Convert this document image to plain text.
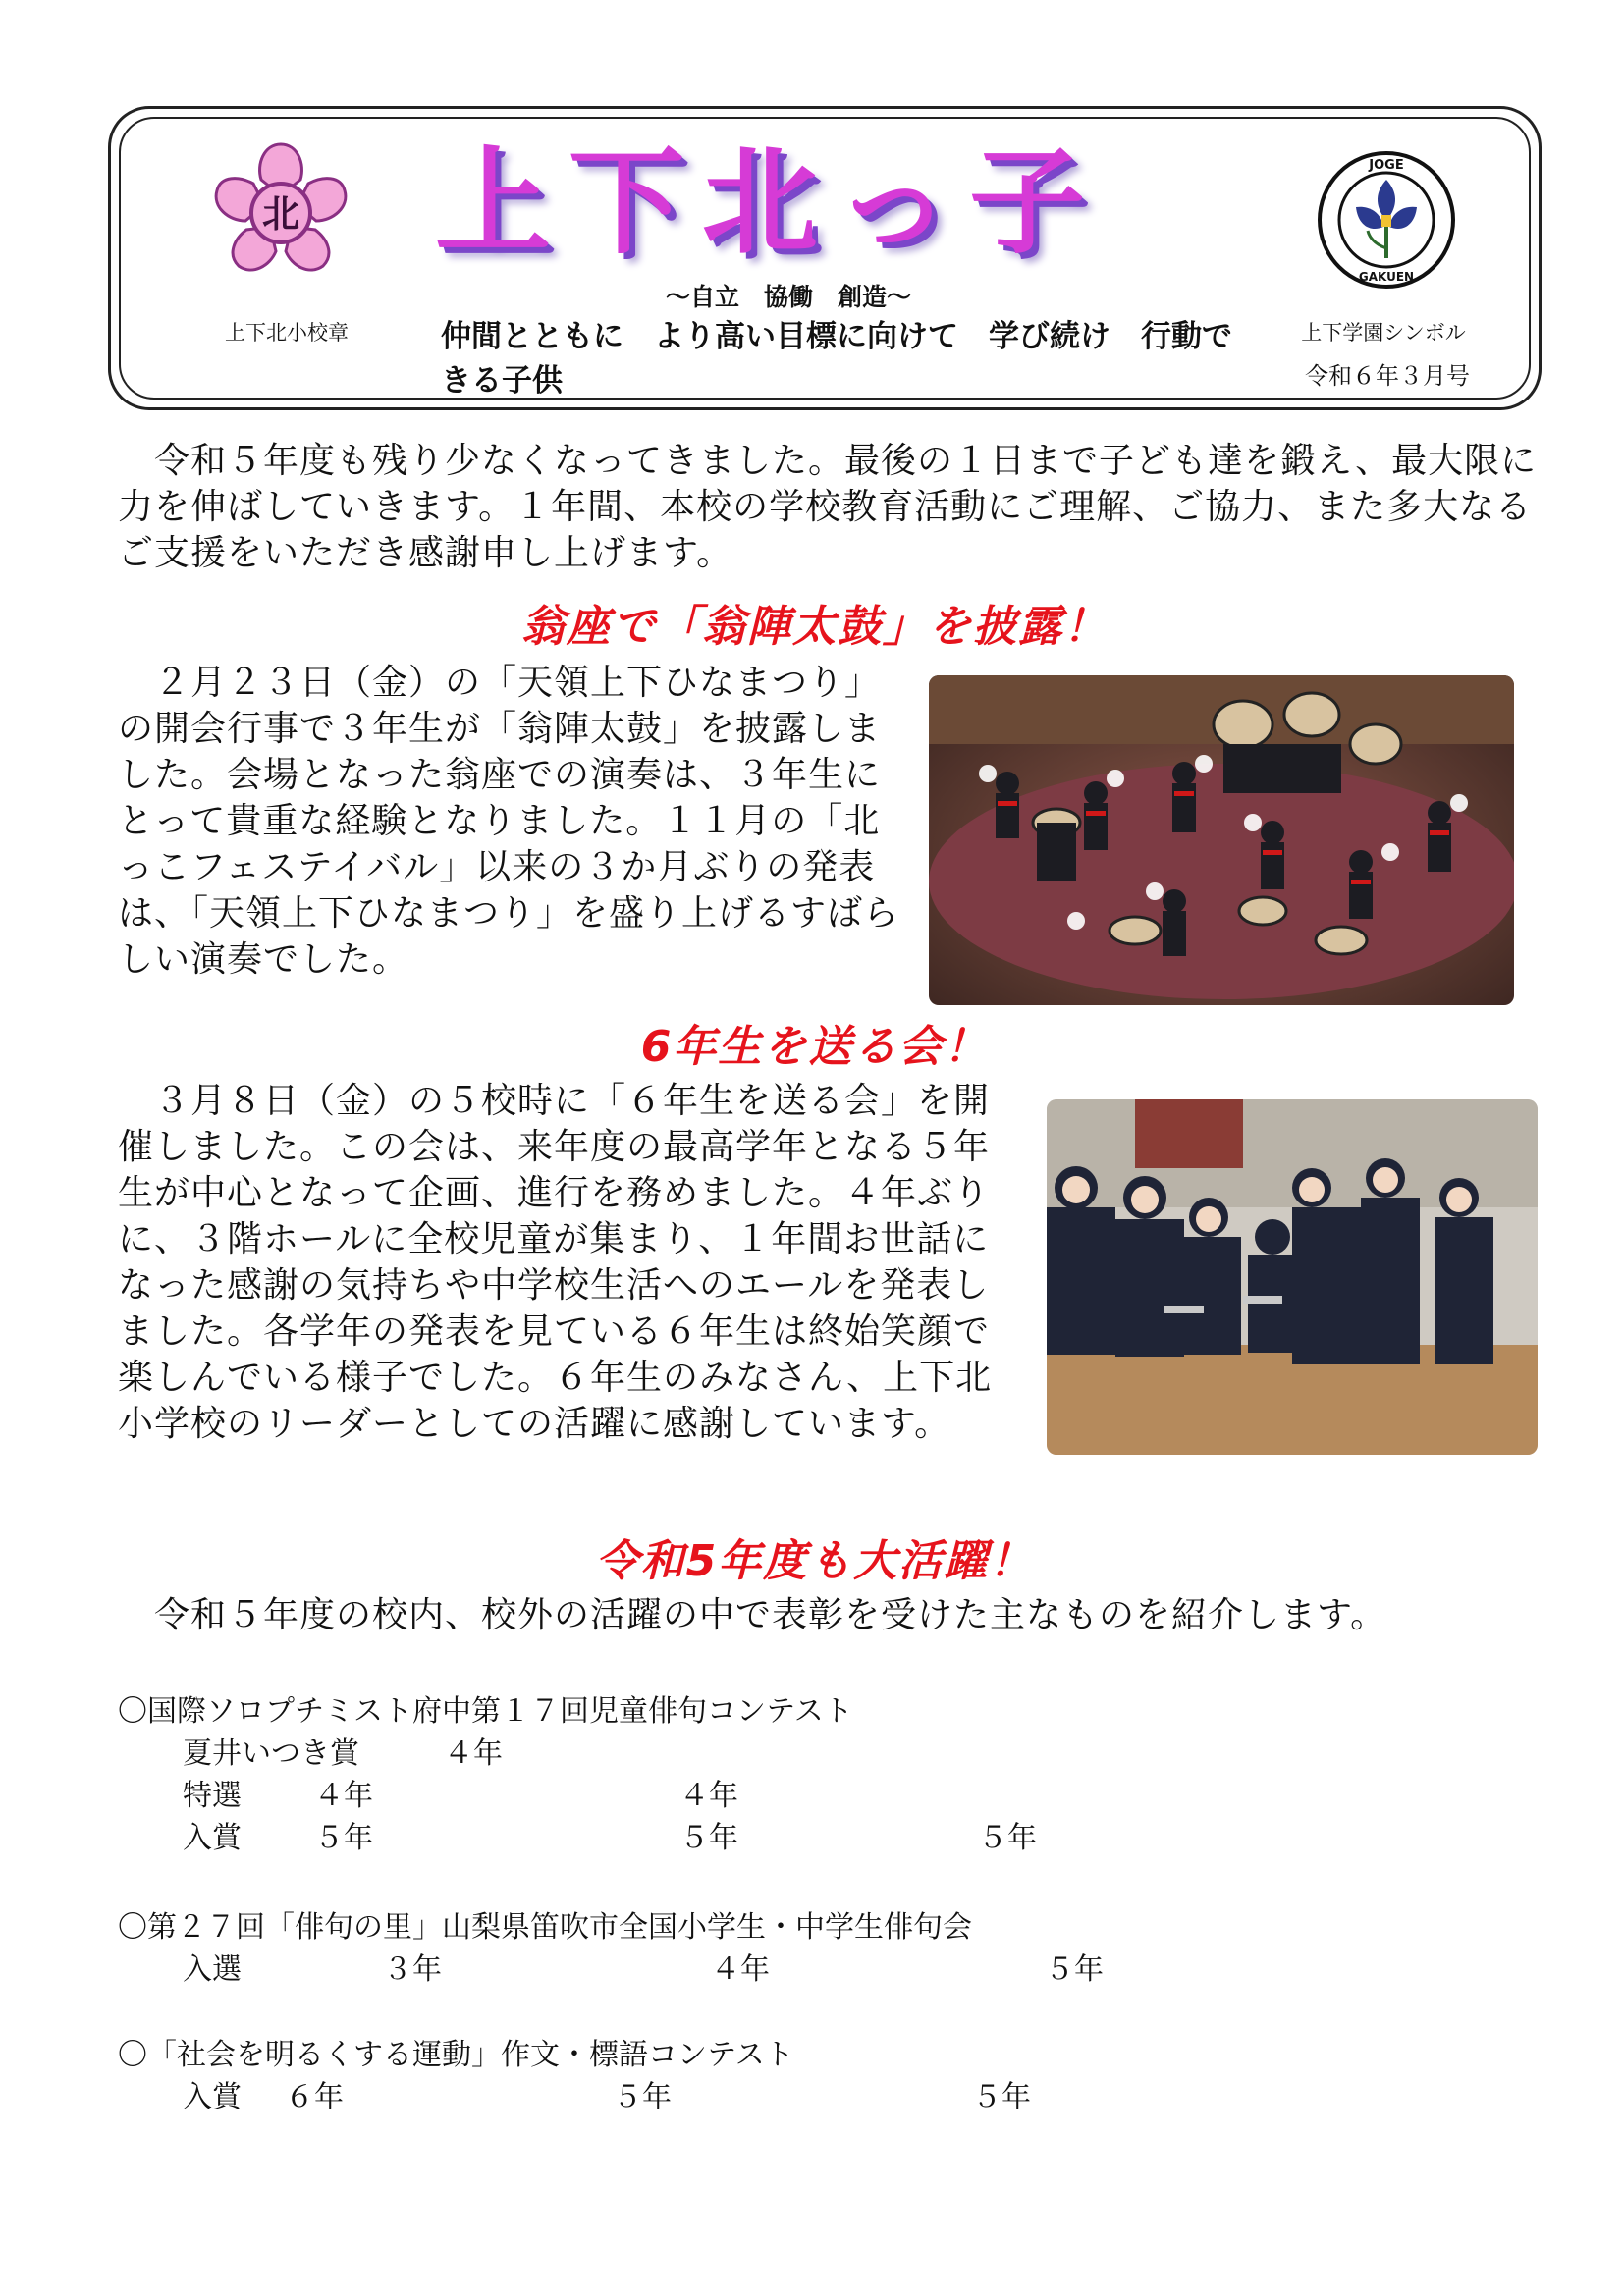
北
上下北小校章
上下北っ子
～自立　協働　創造～
仲間とともに　より高い目標に向けて　学び続け　行動できる子供
JOGE
GAKUEN
上下学園シンボル
令和６年３月号

　令和５年度も残り少なくなってきました。最後の１日まで子ども達を鍛え、最大限に力を伸ばしていきます。１年間、本校の学校教育活動にご理解、ご協力、また多大なるご支援をいただき感謝申し上げます。

翁座で「翁陣太鼓」を披露！

　２月２３日（金）の「天領上下ひなまつり」の開会行事で３年生が「翁陣太鼓」を披露しました。会場となった翁座での演奏は、３年生にとって貴重な経験となりました。１１月の「北っこフェステイバル」以来の３か月ぶりの発表は、「天領上下ひなまつり」を盛り上げるすばらしい演奏でした。

6年生を送る会！

　３月８日（金）の５校時に「６年生を送る会」を開催しました。この会は、来年度の最高学年となる５年生が中心となって企画、進行を務めました。４年ぶりに、３階ホールに全校児童が集まり、１年間お世話になった感謝の気持ちや中学校生活へのエールを発表しました。各学年の発表を見ている６年生は終始笑顔で楽しんでいる様子でした。６年生のみなさん、上下北小学校のリーダーとしての活躍に感謝しています。

令和5年度も大活躍！

　令和５年度の校内、校外の活躍の中で表彰を受けた主なものを紹介します。

〇国際ソロプチミスト府中第１７回児童俳句コンテスト
夏井いつき賞	４年
特選 ４年	４年
入賞 ５年	５年	５年
〇第２７回「俳句の里」山梨県笛吹市全国小学生・中学生俳句会
入選	３年	４年	５年
〇「社会を明るくする運動」作文・標語コンテスト
入賞 ６年	５年	５年
